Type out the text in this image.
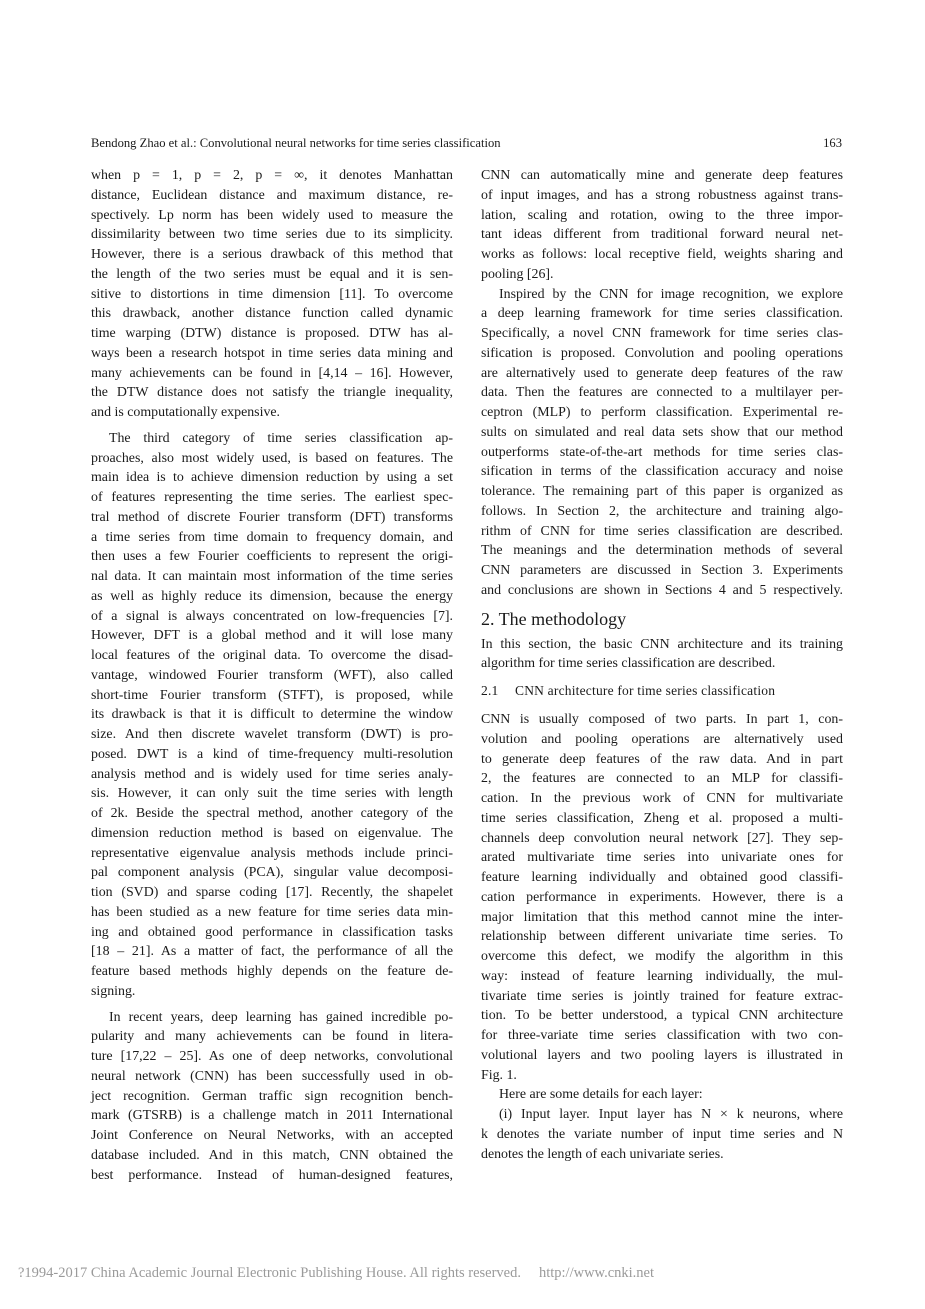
Bendong Zhao et al.: Convolutional neural networks for time series classification	163
when p = 1, p = 2, p = ∞, it denotes Manhattan
distance, Euclidean distance and maximum distance, re-
spectively. Lp norm has been widely used to measure the
dissimilarity between two time series due to its simplicity.
However, there is a serious drawback of this method that
the length of the two series must be equal and it is sen-
sitive to distortions in time dimension [11]. To overcome
this drawback, another distance function called dynamic
time warping (DTW) distance is proposed. DTW has al-
ways been a research hotspot in time series data mining and
many achievements can be found in [4,14 – 16]. However,
the DTW distance does not satisfy the triangle inequality,
and is computationally expensive.
The third category of time series classification ap-
proaches, also most widely used, is based on features. The
main idea is to achieve dimension reduction by using a set
of features representing the time series. The earliest spec-
tral method of discrete Fourier transform (DFT) transforms
a time series from time domain to frequency domain, and
then uses a few Fourier coefficients to represent the origi-
nal data. It can maintain most information of the time series
as well as highly reduce its dimension, because the energy
of a signal is always concentrated on low-frequencies [7].
However, DFT is a global method and it will lose many
local features of the original data. To overcome the disad-
vantage, windowed Fourier transform (WFT), also called
short-time Fourier transform (STFT), is proposed, while
its drawback is that it is difficult to determine the window
size. And then discrete wavelet transform (DWT) is pro-
posed. DWT is a kind of time-frequency multi-resolution
analysis method and is widely used for time series analy-
sis. However, it can only suit the time series with length
of 2k. Beside the spectral method, another category of the
dimension reduction method is based on eigenvalue. The
representative eigenvalue analysis methods include princi-
pal component analysis (PCA), singular value decomposi-
tion (SVD) and sparse coding [17]. Recently, the shapelet
has been studied as a new feature for time series data min-
ing and obtained good performance in classification tasks
[18 – 21]. As a matter of fact, the performance of all the
feature based methods highly depends on the feature de-
signing.
In recent years, deep learning has gained incredible po-
pularity and many achievements can be found in litera-
ture [17,22 – 25]. As one of deep networks, convolutional
neural network (CNN) has been successfully used in ob-
ject recognition. German traffic sign recognition bench-
mark (GTSRB) is a challenge match in 2011 International
Joint Conference on Neural Networks, with an accepted
database included. And in this match, CNN obtained the
best performance. Instead of human-designed features,
CNN can automatically mine and generate deep features
of input images, and has a strong robustness against trans-
lation, scaling and rotation, owing to the three impor-
tant ideas different from traditional forward neural net-
works as follows: local receptive field, weights sharing and
pooling [26].
Inspired by the CNN for image recognition, we explore
a deep learning framework for time series classification.
Specifically, a novel CNN framework for time series clas-
sification is proposed. Convolution and pooling operations
are alternatively used to generate deep features of the raw
data. Then the features are connected to a multilayer per-
ceptron (MLP) to perform classification. Experimental re-
sults on simulated and real data sets show that our method
outperforms state-of-the-art methods for time series clas-
sification in terms of the classification accuracy and noise
tolerance. The remaining part of this paper is organized as
follows. In Section 2, the architecture and training algo-
rithm of CNN for time series classification are described.
The meanings and the determination methods of several
CNN parameters are discussed in Section 3. Experiments
and conclusions are shown in Sections 4 and 5 respectively.
2. The methodology
In this section, the basic CNN architecture and its training
algorithm for time series classification are described.
2.1 CNN architecture for time series classification
CNN is usually composed of two parts. In part 1, con-
volution and pooling operations are alternatively used
to generate deep features of the raw data. And in part
2, the features are connected to an MLP for classifi-
cation. In the previous work of CNN for multivariate
time series classification, Zheng et al. proposed a multi-
channels deep convolution neural network [27]. They sep-
arated multivariate time series into univariate ones for
feature learning individually and obtained good classifi-
cation performance in experiments. However, there is a
major limitation that this method cannot mine the inter-
relationship between different univariate time series. To
overcome this defect, we modify the algorithm in this
way: instead of feature learning individually, the mul-
tivariate time series is jointly trained for feature extrac-
tion. To be better understood, a typical CNN architecture
for three-variate time series classification with two con-
volutional layers and two pooling layers is illustrated in
Fig. 1.
Here are some details for each layer:
(i) Input layer. Input layer has N × k neurons, where
k denotes the variate number of input time series and N
denotes the length of each univariate series.
?1994-2017 China Academic Journal Electronic Publishing House. All rights reserved. http://www.cnki.net
